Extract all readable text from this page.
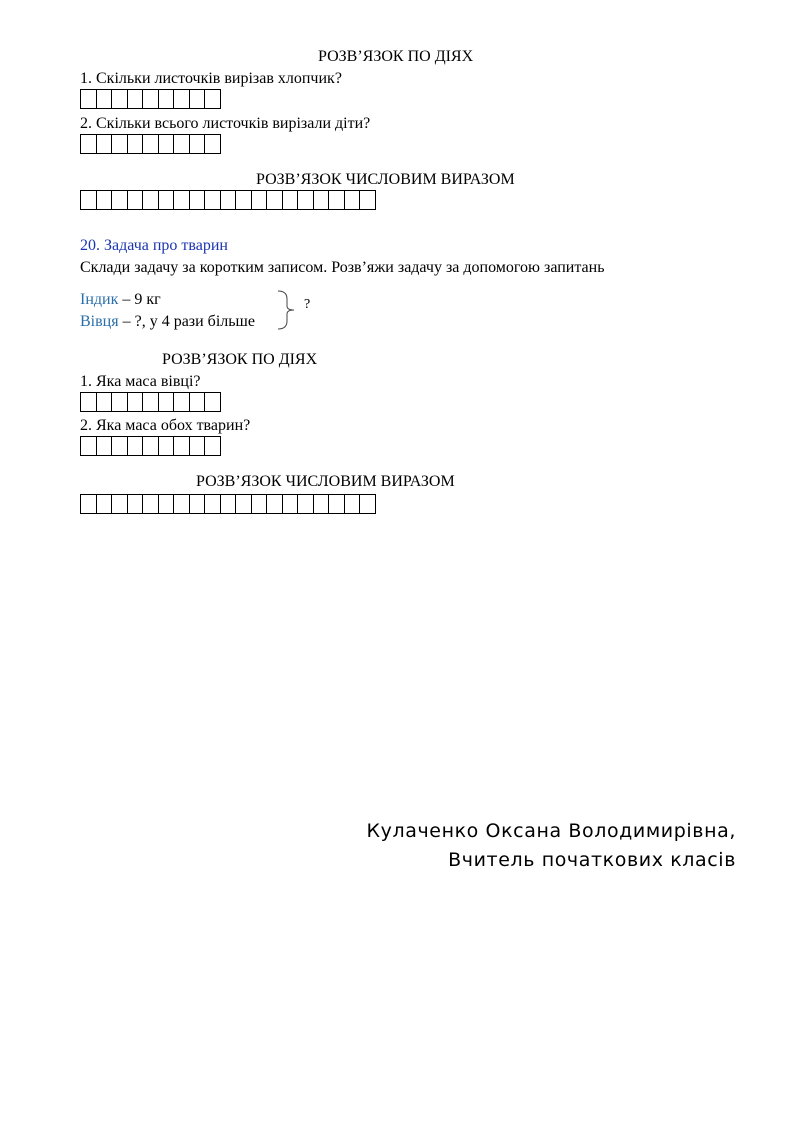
РОЗВ’ЯЗОК ПО ДІЯХ
1. Скільки листочків вирізав хлопчик?
2. Скільки всього листочків вирізали діти?
РОЗВ’ЯЗОК ЧИСЛОВИМ ВИРАЗОМ
20. Задача про тварин
Склади задачу за коротким записом. Розв’яжи задачу за допомогою запитань
Індик – 9 кг
Вівця – ?, у 4 рази більше
?
РОЗВ’ЯЗОК ПО ДІЯХ
1. Яка маса вівці?
2. Яка маса обох тварин?
РОЗВ’ЯЗОК ЧИСЛОВИМ ВИРАЗОМ
Кулаченко Оксана Володимирівна,
Вчитель початкових класів
